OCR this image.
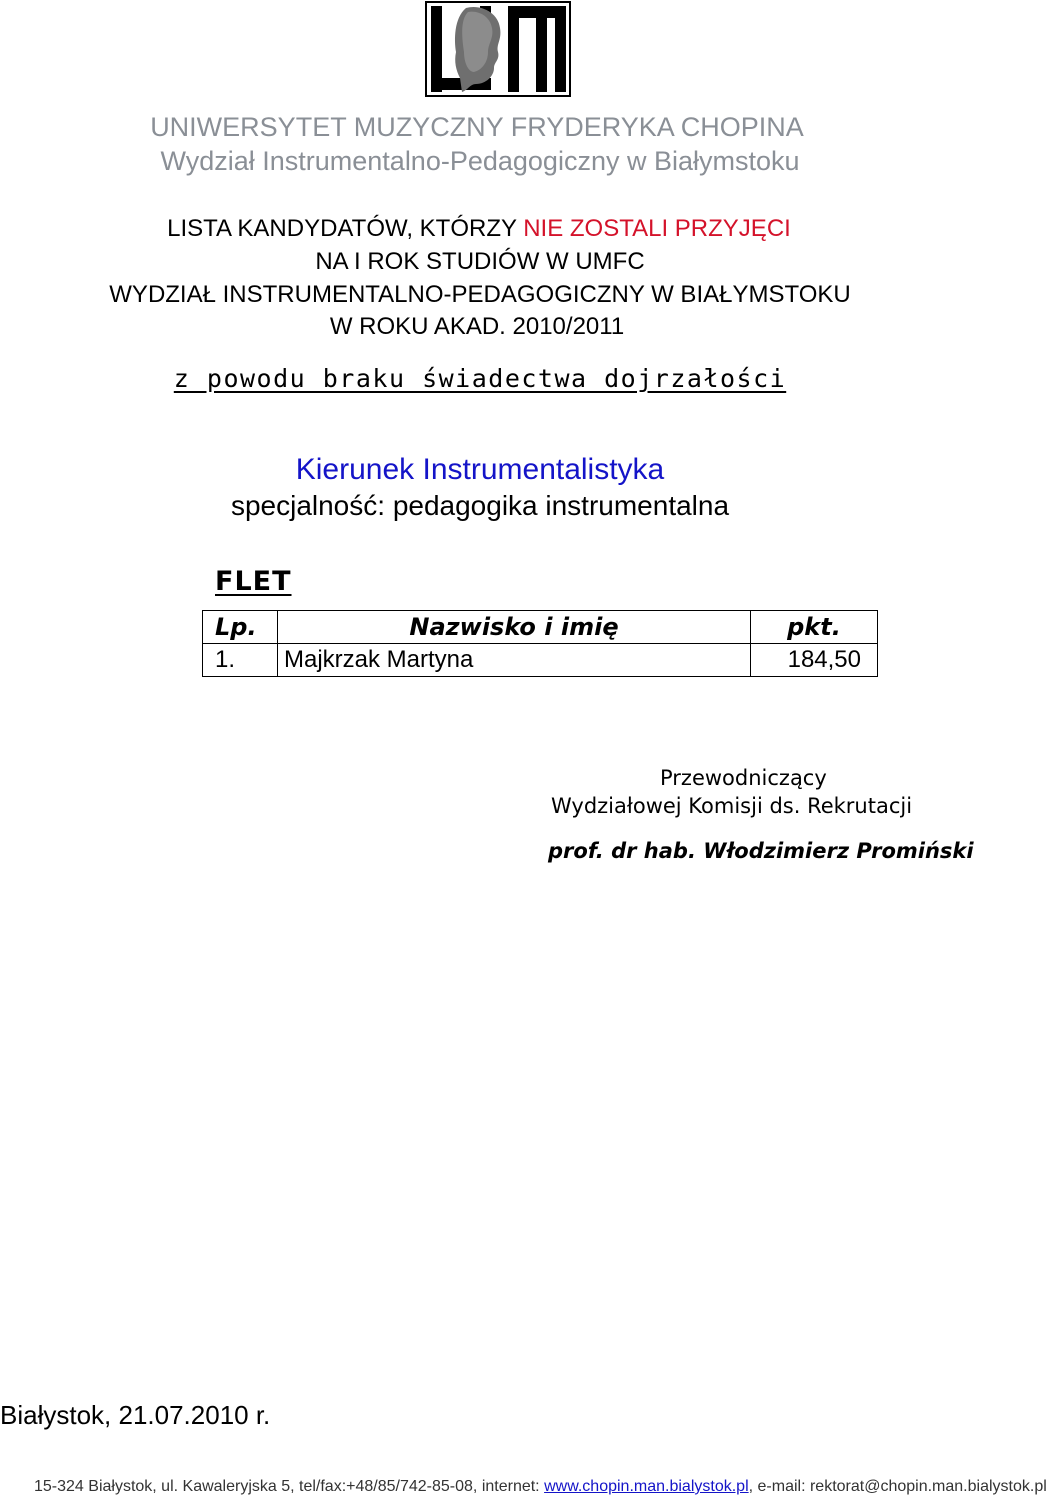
UNIWERSYTET MUZYCZNY FRYDERYKA CHOPINA
Wydział Instrumentalno-Pedagogiczny w Białymstoku
LISTA KANDYDATÓW, KTÓRZY NIE ZOSTALI PRZYJĘCI
NA I ROK STUDIÓW W UMFC
WYDZIAŁ INSTRUMENTALNO-PEDAGOGICZNY W BIAŁYMSTOKU
W ROKU AKAD. 2010/2011
z powodu braku świadectwa dojrzałości
Kierunek Instrumentalistyka
specjalność: pedagogika instrumentalna
FLET
Lp.	Nazwisko i imię	pkt.
1.	Majkrzak Martyna	184,50
Przewodniczący
Wydziałowej Komisji ds. Rekrutacji
prof. dr hab. Włodzimierz Promiński
Białystok, 21.07.2010 r.
15-324 Białystok, ul. Kawaleryjska 5, tel/fax:+48/85/742-85-08, internet: www.chopin.man.bialystok.pl, e-mail: rektorat@chopin.man.bialystok.pl
